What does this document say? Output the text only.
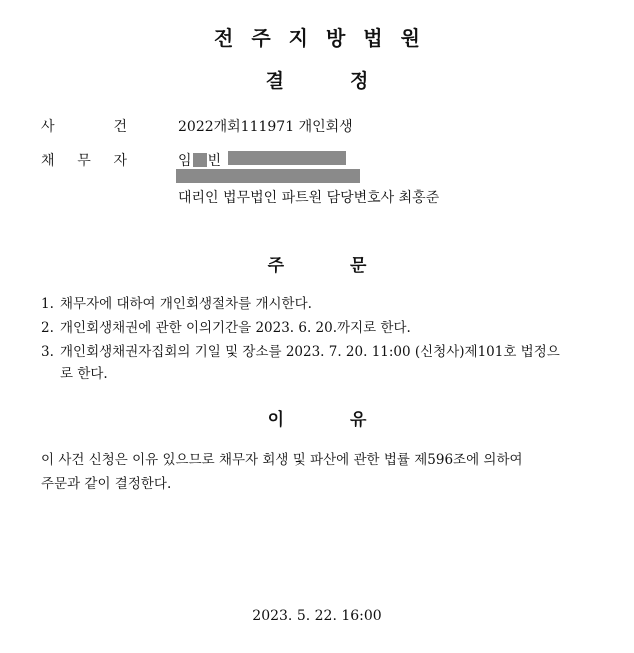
전주지방법원
결	정
사	건	2022개회111971 개인회생
채 무 자	임 빈
대리인 법무법인 파트원 담당변호사 최홍준
주	문
1. 채무자에 대하여 개인회생절차를 개시한다.
2. 개인회생채권에 관한 이의기간을 2023. 6. 20.까지로 한다.
3. 개인회생채권자집회의 기일 및 장소를 2023. 7. 20. 11:00 (신청사)제101호 법정으
로 한다.
이	유
이 사건 신청은 이유 있으므로 채무자 회생 및 파산에 관한 법률 제596조에 의하여
주문과 같이 결정한다.
2023. 5. 22. 16:00
